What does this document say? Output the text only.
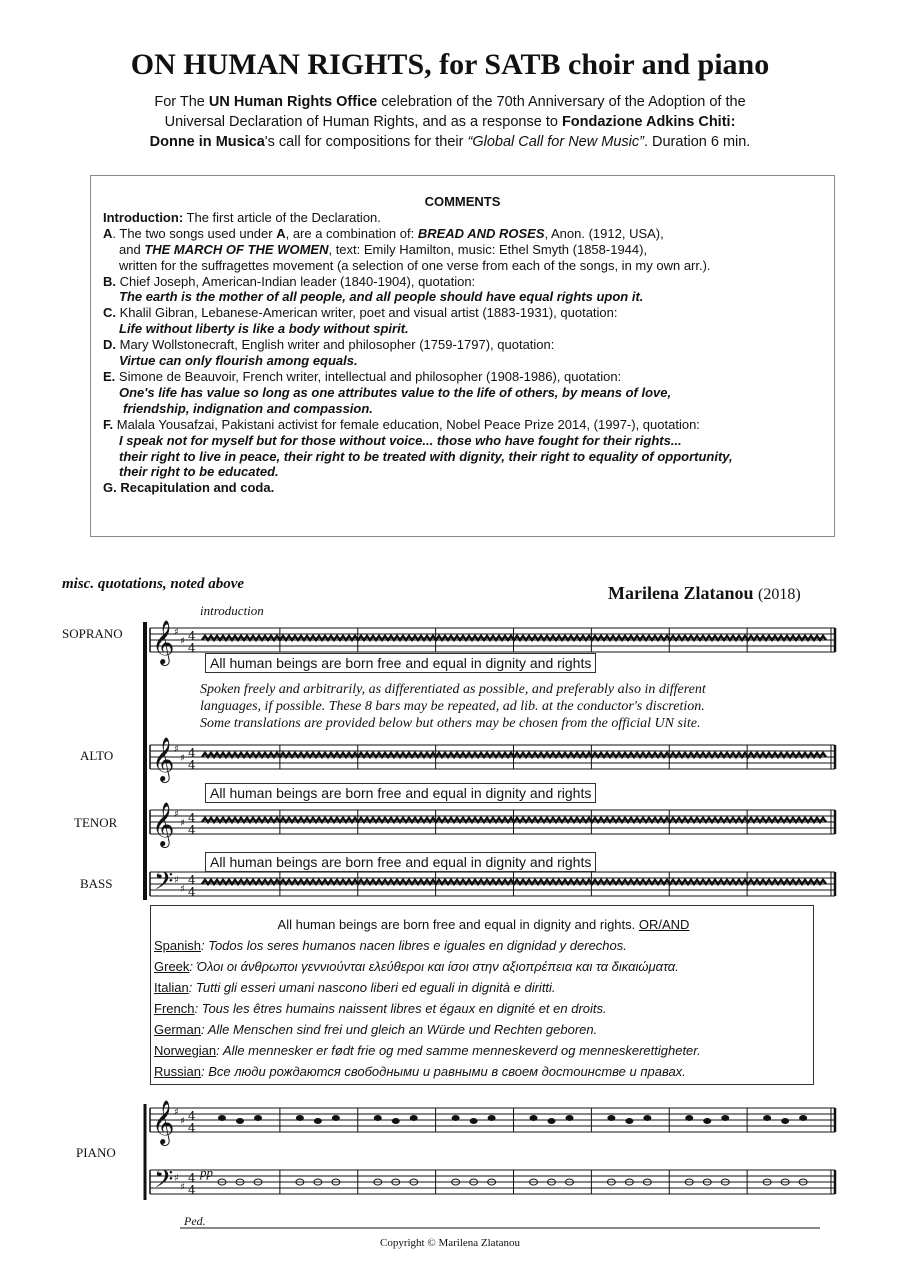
ON HUMAN RIGHTS, for SATB choir and piano
For The UN Human Rights Office celebration of the 70th Anniversary of the Adoption of the
Universal Declaration of Human Rights, and as a response to Fondazione Adkins Chiti:
Donne in Musica's call for compositions for their “Global Call for New Music”. Duration 6 min.
COMMENTS
Introduction: The first article of the Declaration.
A. The two songs used under A, are a combination of: BREAD AND ROSES, Anon. (1912, USA),
and THE MARCH OF THE WOMEN, text: Emily Hamilton, music: Ethel Smyth (1858-1944),
written for the suffragettes movement (a selection of one verse from each of the songs, in my own arr.).
B. Chief Joseph, American-Indian leader (1840-1904), quotation:
The earth is the mother of all people, and all people should have equal rights upon it.
C. Khalil Gibran, Lebanese-American writer, poet and visual artist (1883-1931), quotation:
Life without liberty is like a body without spirit.
D. Mary Wollstonecraft, English writer and philosopher (1759-1797), quotation:
Virtue can only flourish among equals.
E. Simone de Beauvoir, French writer, intellectual and philosopher (1908-1986), quotation:
One's life has value so long as one attributes value to the life of others, by means of love,
friendship, indignation and compassion.
F. Malala Yousafzai, Pakistani activist for female education, Nobel Peace Prize 2014, (1997-), quotation:
I speak not for myself but for those without voice... those who have fought for their rights...
their right to live in peace, their right to be treated with dignity, their right to equality of opportunity,
their right to be educated.
G. Recapitulation and coda.
misc. quotations, noted above	Marilena Zlatanou (2018)
𝄞 ♯
♯ 4
4
𝄞 ♯
♯ 4
4
𝄞 ♯
♯ 4
4
𝄢 ♯
♯
4
4
𝄞 ♯
♯ 4
4
𝄢 ♯
♯
4
4
introduction
SOPRANO
ALTO
TENOR
BASS
PIANO
All human beings are born free and equal in dignity and rights
All human beings are born free and equal in dignity and rights
All human beings are born free and equal in dignity and rights
Spoken freely and arbitrarily, as differentiated as possible, and preferably also in different
languages, if possible. These 8 bars may be repeated, ad lib. at the conductor's discretion.
Some translations are provided below but others may be chosen from the official UN site.
All human beings are born free and equal in dignity and rights. OR/AND
Spanish: Todos los seres humanos nacen libres e iguales en dignidad y derechos.
Greek: Όλοι οι άνθρωποι γεννιούνται ελεύθεροι και ίσοι στην αξιοπρέπεια και τα δικαιώματα.
Italian: Tutti gli esseri umani nascono liberi ed eguali in dignità e diritti.
French: Tous les êtres humains naissent libres et égaux en dignité et en droits.
German: Alle Menschen sind frei und gleich an Würde und Rechten geboren.
Norwegian: Alle mennesker er født frie og med samme menneskeverd og menneskerettigheter.
Russian: Все люди рождаются свободными и равными в своем достоинстве и правах.
pp
Ped.
Copyright © Marilena Zlatanou
